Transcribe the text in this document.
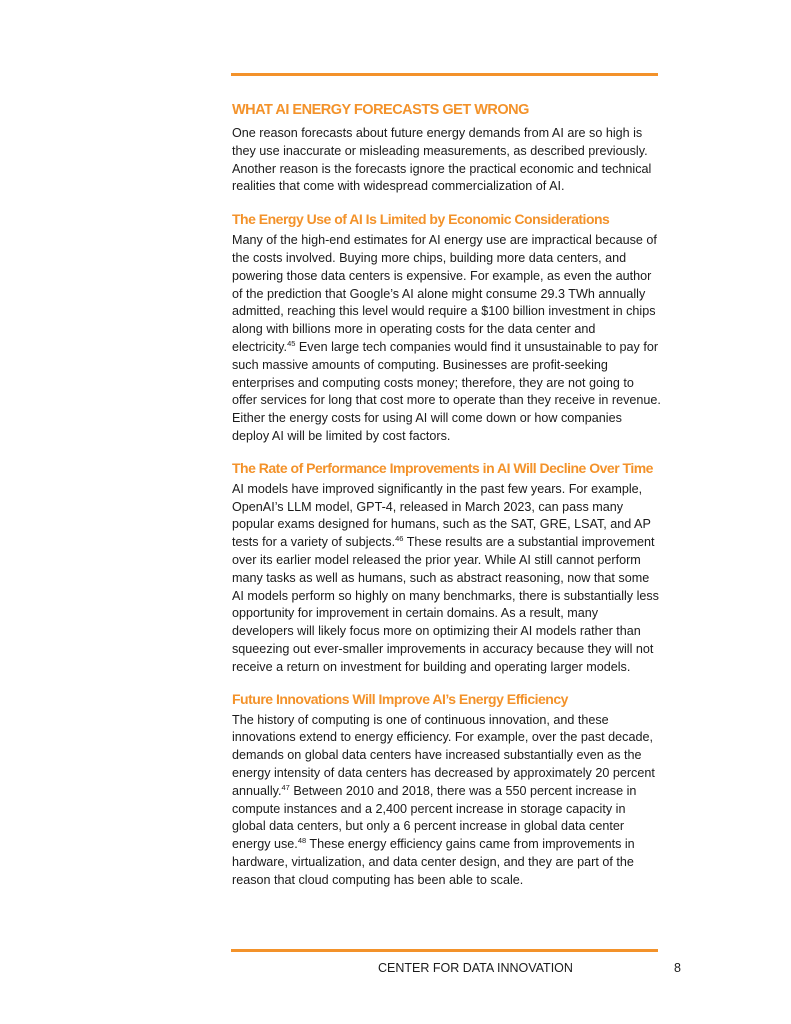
WHAT AI ENERGY FORECASTS GET WRONG

One reason forecasts about future energy demands from AI are so high is they use inaccurate or misleading measurements, as described previously. Another reason is the forecasts ignore the practical economic and technical realities that come with widespread commercialization of AI.

The Energy Use of AI Is Limited by Economic Considerations

Many of the high-end estimates for AI energy use are impractical because of the costs involved. Buying more chips, building more data centers, and powering those data centers is expensive. For example, as even the author of the prediction that Google’s AI alone might consume 29.3 TWh annually admitted, reaching this level would require a $100 billion investment in chips along with billions more in operating costs for the data center and electricity.$^{45}$ Even large tech companies would find it unsustainable to pay for such massive amounts of computing. Businesses are profit-seeking enterprises and computing costs money; therefore, they are not going to offer services for long that cost more to operate than they receive in revenue. Either the energy costs for using AI will come down or how companies deploy AI will be limited by cost factors.

The Rate of Performance Improvements in AI Will Decline Over Time

AI models have improved significantly in the past few years. For example, OpenAI’s LLM model, GPT-4, released in March 2023, can pass many popular exams designed for humans, such as the SAT, GRE, LSAT, and AP tests for a variety of subjects.$^{46}$ These results are a substantial improvement over its earlier model released the prior year. While AI still cannot perform many tasks as well as humans, such as abstract reasoning, now that some AI models perform so highly on many benchmarks, there is substantially less opportunity for improvement in certain domains. As a result, many developers will likely focus more on optimizing their AI models rather than squeezing out ever-smaller improvements in accuracy because they will not receive a return on investment for building and operating larger models.

Future Innovations Will Improve AI’s Energy Efficiency

The history of computing is one of continuous innovation, and these innovations extend to energy efficiency. For example, over the past decade, demands on global data centers have increased substantially even as the energy intensity of data centers has decreased by approximately 20 percent annually.$^{47}$ Between 2010 and 2018, there was a 550 percent increase in compute instances and a 2,400 percent increase in storage capacity in global data centers, but only a 6 percent increase in global data center energy use.$^{48}$ These energy efficiency gains came from improvements in hardware, virtualization, and data center design, and they are part of the reason that cloud computing has been able to scale.

CENTER FOR DATA INNOVATION	8
